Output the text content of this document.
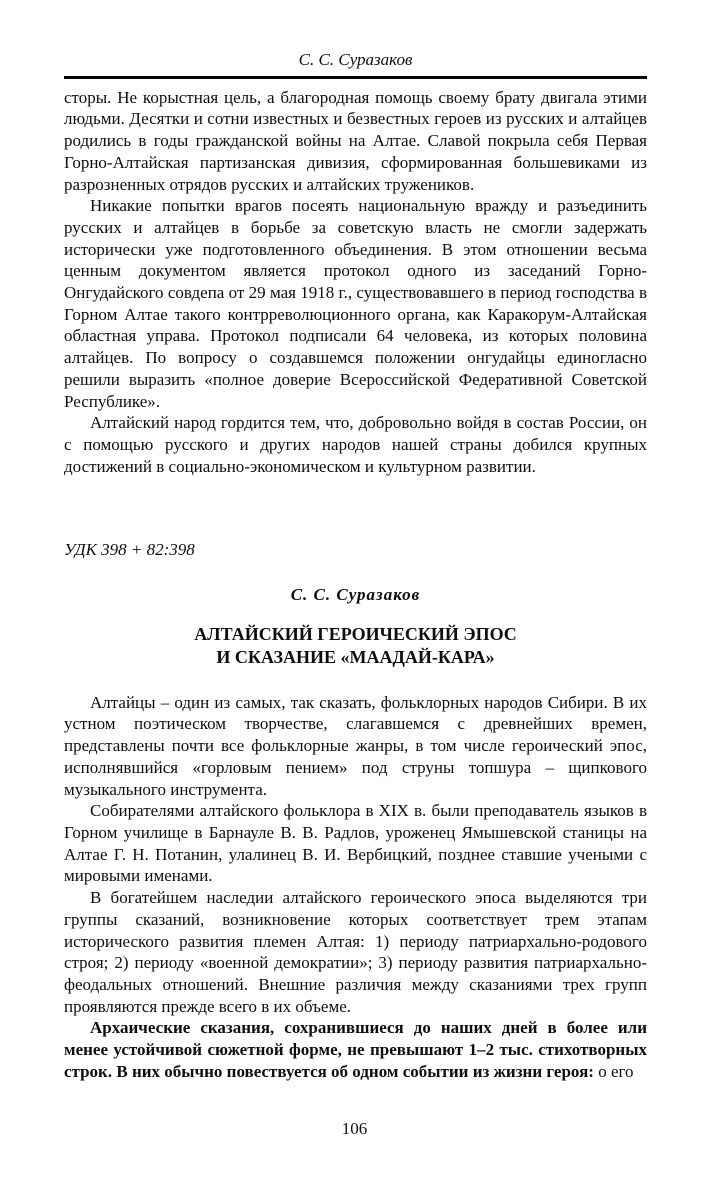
С. С. Суразаков

сторы. Не корыстная цель, а благородная помощь своему брату двигала этими людьми. Десятки и сотни известных и безвестных героев из русских и алтайцев родились в годы гражданской войны на Алтае. Славой покрыла себя Первая Горно-Алтайская партизанская дивизия, сформированная большевиками из разрозненных отрядов русских и алтайских тружеников.

Никакие попытки врагов посеять национальную вражду и разъединить русских и алтайцев в борьбе за советскую власть не смогли задержать исторически уже подготовленного объединения. В этом отношении весьма ценным документом является протокол одного из заседаний Горно-Онгудайского совдепа от 29 мая 1918 г., существовавшего в период господства в Горном Алтае такого контрреволюционного органа, как Каракорум-Алтайская областная управа. Протокол подписали 64 человека, из которых половина алтайцев. По вопросу о создавшемся положении онгудайцы единогласно решили выразить «полное доверие Всероссийской Федеративной Советской Республике».

Алтайский народ гордится тем, что, добровольно войдя в состав России, он с помощью русского и других народов нашей страны добился крупных достижений в социально-экономическом и культурном развитии.

УДК 398 + 82:398
С. С. Суразаков
АЛТАЙСКИЙ ГЕРОИЧЕСКИЙ ЭПОС
И СКАЗАНИЕ «МААДАЙ-КАРА»

Алтайцы – один из самых, так сказать, фольклорных народов Сибири. В их устном поэтическом творчестве, слагавшемся с древнейших времен, представлены почти все фольклорные жанры, в том числе героический эпос, исполнявшийся «горловым пением» под струны топшура – щипкового музыкального инструмента.

Собирателями алтайского фольклора в XIX в. были преподаватель языков в Горном училище в Барнауле В. В. Радлов, уроженец Ямышевской станицы на Алтае Г. Н. Потанин, улалинец В. И. Вербицкий, позднее ставшие учеными с мировыми именами.

В богатейшем наследии алтайского героического эпоса выделяются три группы сказаний, возникновение которых соответствует трем этапам исторического развития племен Алтая: 1) периоду патриархально-родового строя; 2) периоду «военной демократии»; 3) периоду развития патриархально-феодальных отношений. Внешние различия между сказаниями трех групп проявляются прежде всего в их объеме.

Архаические сказания, сохранившиеся до наших дней в более или менее устойчивой сюжетной форме, не превышают 1–2 тыс. стихотворных строк. В них обычно повествуется об одном событии из жизни героя: о его

106
